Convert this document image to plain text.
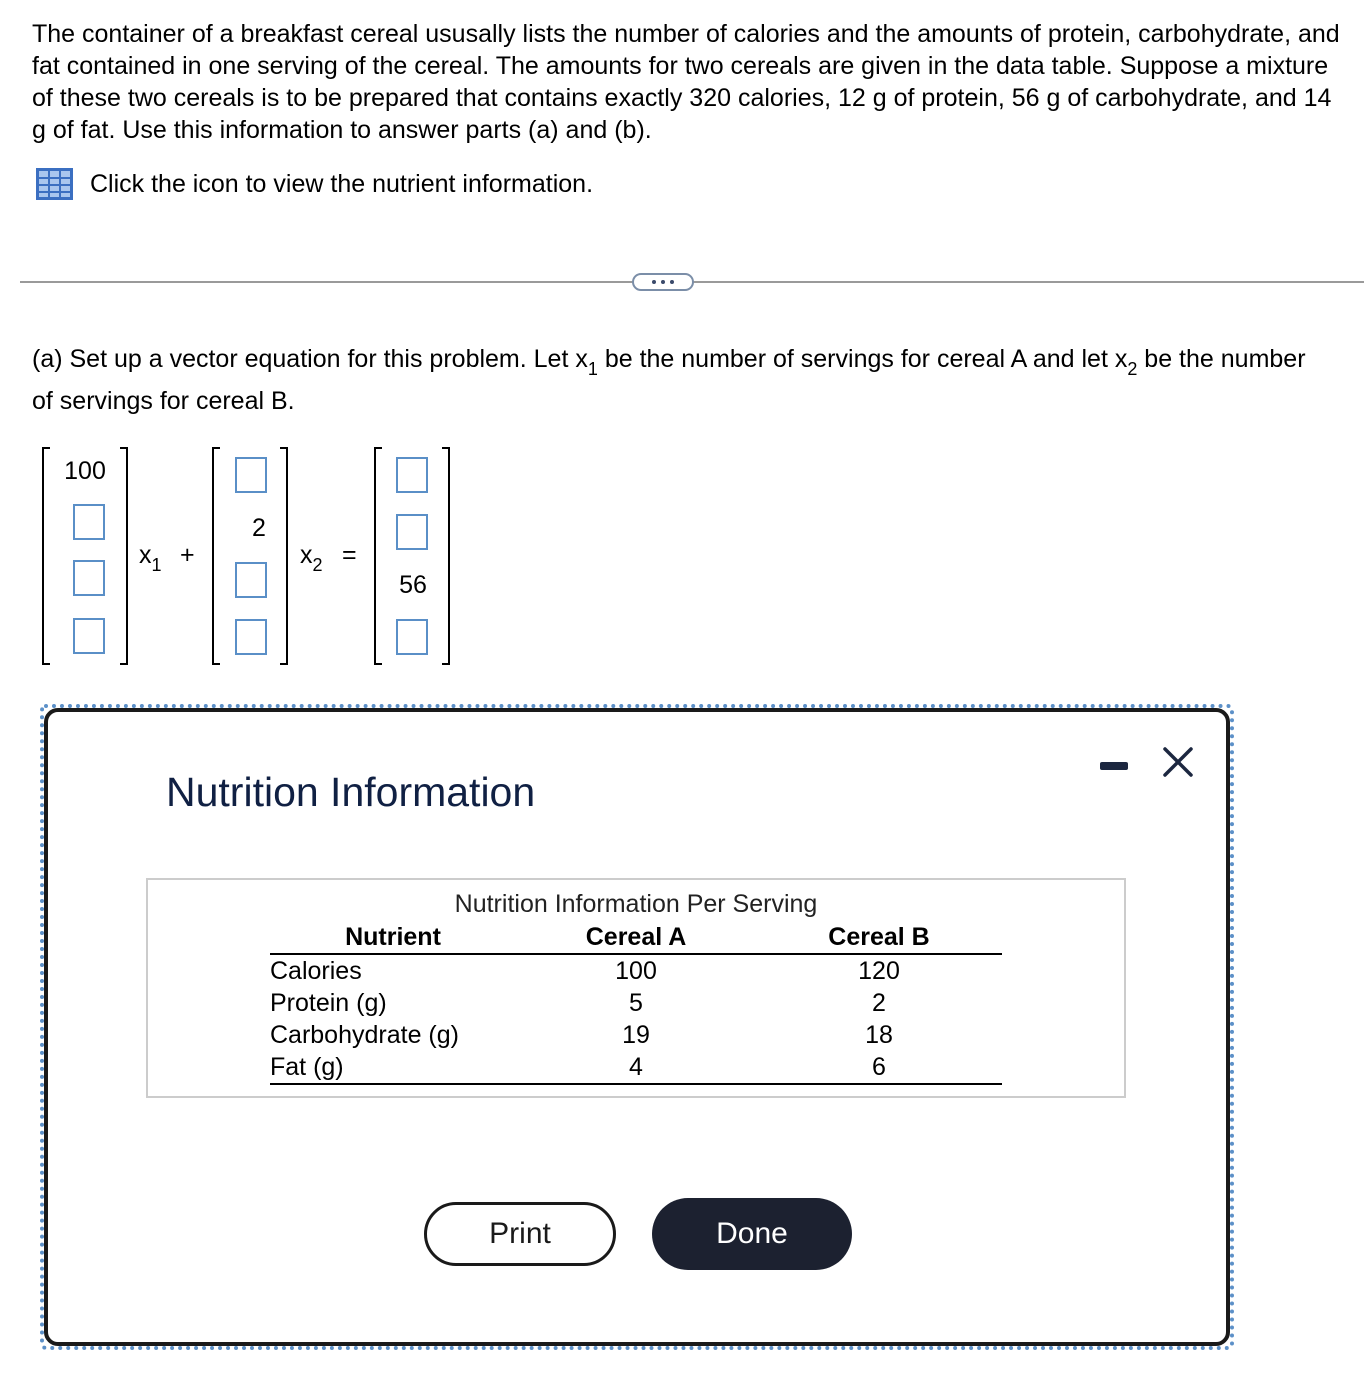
The container of a breakfast cereal ususally lists the number of calories and the amounts of protein, carbohydrate, and fat contained in one serving of the cereal. The amounts for two cereals are given in the data table. Suppose a mixture of these two cereals is to be prepared that contains exactly 320 calories, 12 g of protein, 56 g of carbohydrate, and 14 g of fat. Use this information to answer parts (a) and (b).

Click the icon to view the nutrient information.
(a) Set up a vector equation for this problem. Let $x_1$ be the number of servings for cereal A and let $x_2$ be the number of servings for cereal B.
100
$x_1$ +
2
$x_2$ =
56
Nutrition Information
Nutrition Information Per Serving
Nutrient	Cereal A	Cereal B
Calories	100	120
Protein (g)	5	2
Carbohydrate (g)	19	18
Fat (g)	4	6
Print	Done
